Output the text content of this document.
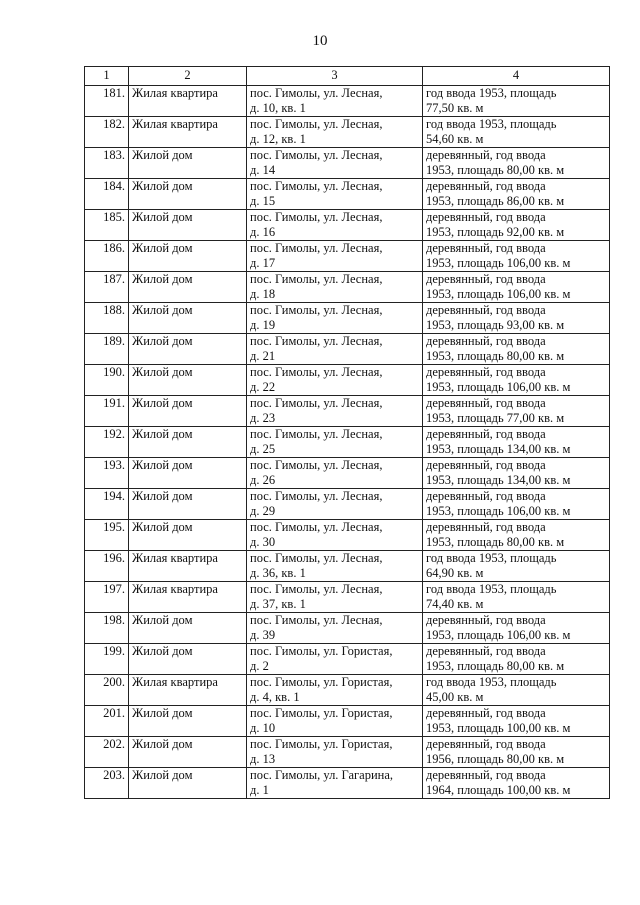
10
1	2	3	4
181.	Жилая квартира	пос. Гимолы, ул. Лесная,
д. 10, кв. 1	год ввода 1953, площадь
77,50 кв. м

182.	Жилая квартира	пос. Гимолы, ул. Лесная,
д. 12, кв. 1	год ввода 1953, площадь
54,60 кв. м

183.	Жилой дом	пос. Гимолы, ул. Лесная,
д. 14	деревянный, год ввода
1953, площадь 80,00 кв. м

184.	Жилой дом	пос. Гимолы, ул. Лесная,
д. 15	деревянный, год ввода
1953, площадь 86,00 кв. м

185.	Жилой дом	пос. Гимолы, ул. Лесная,
д. 16	деревянный, год ввода
1953, площадь 92,00 кв. м

186.	Жилой дом	пос. Гимолы, ул. Лесная,
д. 17	деревянный, год ввода
1953, площадь 106,00 кв. м

187.	Жилой дом	пос. Гимолы, ул. Лесная,
д. 18	деревянный, год ввода
1953, площадь 106,00 кв. м

188.	Жилой дом	пос. Гимолы, ул. Лесная,
д. 19	деревянный, год ввода
1953, площадь 93,00 кв. м

189.	Жилой дом	пос. Гимолы, ул. Лесная,
д. 21	деревянный, год ввода
1953, площадь 80,00 кв. м

190.	Жилой дом	пос. Гимолы, ул. Лесная,
д. 22	деревянный, год ввода
1953, площадь 106,00 кв. м

191.	Жилой дом	пос. Гимолы, ул. Лесная,
д. 23	деревянный, год ввода
1953, площадь 77,00 кв. м

192.	Жилой дом	пос. Гимолы, ул. Лесная,
д. 25	деревянный, год ввода
1953, площадь 134,00 кв. м

193.	Жилой дом	пос. Гимолы, ул. Лесная,
д. 26	деревянный, год ввода
1953, площадь 134,00 кв. м

194.	Жилой дом	пос. Гимолы, ул. Лесная,
д. 29	деревянный, год ввода
1953, площадь 106,00 кв. м

195.	Жилой дом	пос. Гимолы, ул. Лесная,
д. 30	деревянный, год ввода
1953, площадь 80,00 кв. м

196.	Жилая квартира	пос. Гимолы, ул. Лесная,
д. 36, кв. 1	год ввода 1953, площадь
64,90 кв. м

197.	Жилая квартира	пос. Гимолы, ул. Лесная,
д. 37, кв. 1	год ввода 1953, площадь
74,40 кв. м

198.	Жилой дом	пос. Гимолы, ул. Лесная,
д. 39	деревянный, год ввода
1953, площадь 106,00 кв. м

199.	Жилой дом	пос. Гимолы, ул. Гористая,
д. 2	деревянный, год ввода
1953, площадь 80,00 кв. м

200.	Жилая квартира	пос. Гимолы, ул. Гористая,
д. 4, кв. 1	год ввода 1953, площадь
45,00 кв. м

201.	Жилой дом	пос. Гимолы, ул. Гористая,
д. 10	деревянный, год ввода
1953, площадь 100,00 кв. м

202.	Жилой дом	пос. Гимолы, ул. Гористая,
д. 13	деревянный, год ввода
1956, площадь 80,00 кв. м

203.	Жилой дом	пос. Гимолы, ул. Гагарина,
д. 1	деревянный, год ввода
1964, площадь 100,00 кв. м
